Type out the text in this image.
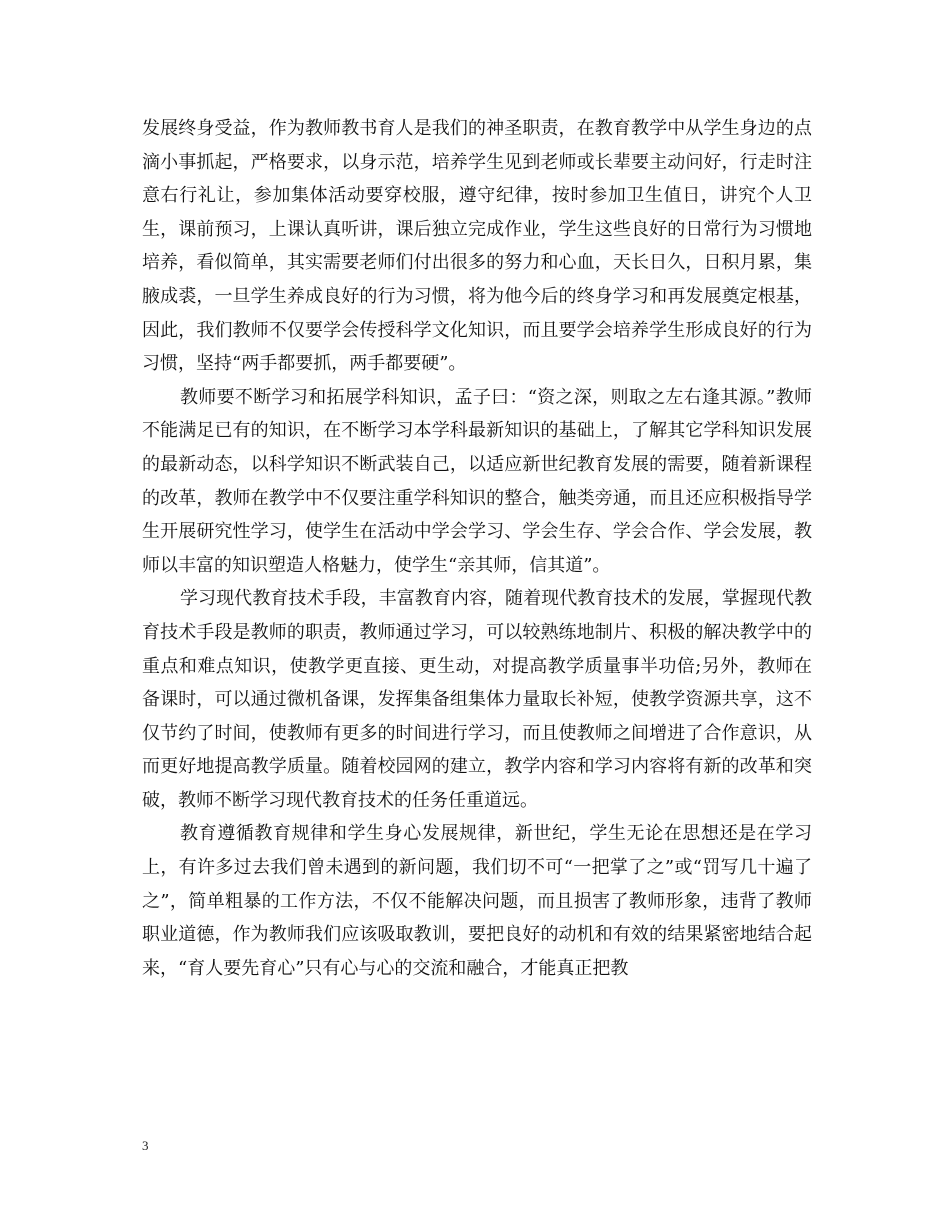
发展终身受益，作为教师教书育人是我们的神圣职责，在教育教学中从学生身边的点滴小事抓起，严格要求，以身示范，培养学生见到老师或长辈要主动问好，行走时注意右行礼让，参加集体活动要穿校服，遵守纪律，按时参加卫生值日，讲究个人卫生，课前预习，上课认真听讲，课后独立完成作业，学生这些良好的日常行为习惯地培养，看似简单，其实需要老师们付出很多的努力和心血，天长日久，日积月累，集腋成裘，一旦学生养成良好的行为习惯，将为他今后的终身学习和再发展奠定根基，因此，我们教师不仅要学会传授科学文化知识，而且要学会培养学生形成良好的行为习惯，坚持“两手都要抓，两手都要硬”。

教师要不断学习和拓展学科知识，孟子曰：“资之深，则取之左右逢其源。”教师不能满足已有的知识，在不断学习本学科最新知识的基础上，了解其它学科知识发展的最新动态，以科学知识不断武装自己，以适应新世纪教育发展的需要，随着新课程的改革，教师在教学中不仅要注重学科知识的整合，触类旁通，而且还应积极指导学生开展研究性学习，使学生在活动中学会学习、学会生存、学会合作、学会发展，教师以丰富的知识塑造人格魅力，使学生“亲其师，信其道”。

学习现代教育技术手段，丰富教育内容，随着现代教育技术的发展，掌握现代教育技术手段是教师的职责，教师通过学习，可以较熟练地制片、积极的解决教学中的重点和难点知识，使教学更直接、更生动，对提高教学质量事半功倍;另外，教师在备课时，可以通过微机备课，发挥集备组集体力量取长补短，使教学资源共享，这不仅节约了时间，使教师有更多的时间进行学习，而且使教师之间增进了合作意识，从而更好地提高教学质量。随着校园网的建立，教学内容和学习内容将有新的改革和突破，教师不断学习现代教育技术的任务任重道远。

教育遵循教育规律和学生身心发展规律，新世纪，学生无论在思想还是在学习上，有许多过去我们曾未遇到的新问题，我们切不可“一把掌了之”或“罚写几十遍了之”，简单粗暴的工作方法，不仅不能解决问题，而且损害了教师形象，违背了教师职业道德，作为教师我们应该吸取教训，要把良好的动机和有效的结果紧密地结合起来，“育人要先育心”只有心与心的交流和融合，才能真正把教

3
